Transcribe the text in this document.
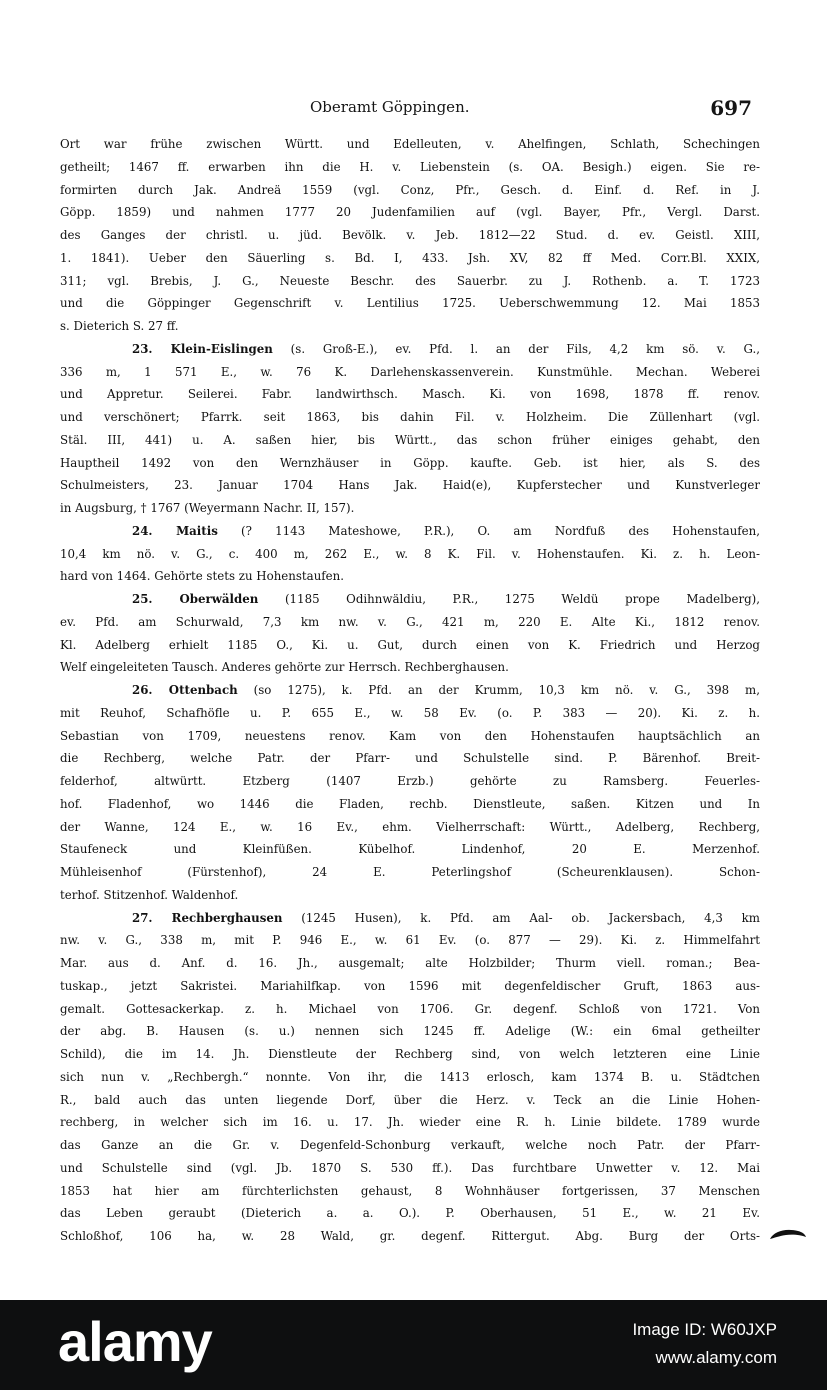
Oberamt Göppingen.	697
Ort war frühe zwischen Württ. und Edelleuten, v. Ahelfingen, Schlath, Schechingen
getheilt; 1467 ff. erwarben ihn die H. v. Liebenstein (s. OA. Besigh.) eigen. Sie re-
formirten durch Jak. Andreä 1559 (vgl. Conz, Pfr., Gesch. d. Einf. d. Ref. in J.
Göpp. 1859) und nahmen 1777 20 Judenfamilien auf (vgl. Bayer, Pfr., Vergl. Darst.
des Ganges der christl. u. jüd. Bevölk. v. Jeb. 1812—22 Stud. d. ev. Geistl. XIII,
1. 1841). Ueber den Säuerling s. Bd. I, 433. Jsh. XV, 82 ff Med. Corr.Bl. XXIX,
311; vgl. Brebis, J. G., Neueste Beschr. des Sauerbr. zu J. Rothenb. a. T. 1723
und die Göppinger Gegenschrift v. Lentilius 1725. Ueberschwemmung 12. Mai 1853
s. Dieterich S. 27 ff.
23. Klein-Eislingen (s. Groß-E.), ev. Pfd. l. an der Fils, 4,2 km sö. v. G.,
336 m, 1 571 E., w. 76 K. Darlehenskassenverein. Kunstmühle. Mechan. Weberei
und Appretur. Seilerei. Fabr. landwirthsch. Masch. Ki. von 1698, 1878 ff. renov.
und verschönert; Pfarrk. seit 1863, bis dahin Fil. v. Holzheim. Die Züllenhart (vgl.
Stäl. III, 441) u. A. saßen hier, bis Württ., das schon früher einiges gehabt, den
Hauptheil 1492 von den Wernzhäuser in Göpp. kaufte. Geb. ist hier, als S. des
Schulmeisters, 23. Januar 1704 Hans Jak. Haid(e), Kupferstecher und Kunstverleger
in Augsburg, † 1767 (Weyermann Nachr. II, 157).
24. Maitis (? 1143 Mateshowe, P.R.), O. am Nordfuß des Hohenstaufen,
10,4 km nö. v. G., c. 400 m, 262 E., w. 8 K. Fil. v. Hohenstaufen. Ki. z. h. Leon-
hard von 1464. Gehörte stets zu Hohenstaufen.
25. Oberwälden (1185 Odihnwäldiu, P.R., 1275 Weldü prope Madelberg),
ev. Pfd. am Schurwald, 7,3 km nw. v. G., 421 m, 220 E. Alte Ki., 1812 renov.
Kl. Adelberg erhielt 1185 O., Ki. u. Gut, durch einen von K. Friedrich und Herzog
Welf eingeleiteten Tausch. Anderes gehörte zur Herrsch. Rechberghausen.
26. Ottenbach (so 1275), k. Pfd. an der Krumm, 10,3 km nö. v. G., 398 m,
mit Reuhof, Schafhöfle u. P. 655 E., w. 58 Ev. (o. P. 383 — 20). Ki. z. h.
Sebastian von 1709, neuestens renov. Kam von den Hohenstaufen hauptsächlich an
die Rechberg, welche Patr. der Pfarr- und Schulstelle sind. P. Bärenhof. Breit-
felderhof, altwürtt. Etzberg (1407 Erzb.) gehörte zu Ramsberg. Feuerles-
hof. Fladenhof, wo 1446 die Fladen, rechb. Dienstleute, saßen. Kitzen und In
der Wanne, 124 E., w. 16 Ev., ehm. Vielherrschaft: Württ., Adelberg, Rechberg,
Staufeneck und Kleinfüßen. Kübelhof. Lindenhof, 20 E. Merzenhof.
Mühleisenhof (Fürstenhof), 24 E. Peterlingshof (Scheurenklausen). Schon-
terhof. Stitzenhof. Waldenhof.
27. Rechberghausen (1245 Husen), k. Pfd. am Aal- ob. Jackersbach, 4,3 km
nw. v. G., 338 m, mit P. 946 E., w. 61 Ev. (o. 877 — 29). Ki. z. Himmelfahrt
Mar. aus d. Anf. d. 16. Jh., ausgemalt; alte Holzbilder; Thurm viell. roman.; Bea-
tuskap., jetzt Sakristei. Mariahilfkap. von 1596 mit degenfeldischer Gruft, 1863 aus-
gemalt. Gottesackerkap. z. h. Michael von 1706. Gr. degenf. Schloß von 1721. Von
der abg. B. Hausen (s. u.) nennen sich 1245 ff. Adelige (W.: ein 6mal getheilter
Schild), die im 14. Jh. Dienstleute der Rechberg sind, von welch letzteren eine Linie
sich nun v. „Rechbergh.“ nonnte. Von ihr, die 1413 erlosch, kam 1374 B. u. Städtchen
R., bald auch das unten liegende Dorf, über die Herz. v. Teck an die Linie Hohen-
rechberg, in welcher sich im 16. u. 17. Jh. wieder eine R. h. Linie bildete. 1789 wurde
das Ganze an die Gr. v. Degenfeld-Schonburg verkauft, welche noch Patr. der Pfarr-
und Schulstelle sind (vgl. Jb. 1870 S. 530 ff.). Das furchtbare Unwetter v. 12. Mai
1853 hat hier am fürchterlichsten gehaust, 8 Wohnhäuser fortgerissen, 37 Menschen
das Leben geraubt (Dieterich a. a. O.). P. Oberhausen, 51 E., w. 21 Ev.
Schloßhof, 106 ha, w. 28 Wald, gr. degenf. Rittergut. Abg. Burg der Orts-
alamy	Image ID: W60JXP
www.alamy.com
